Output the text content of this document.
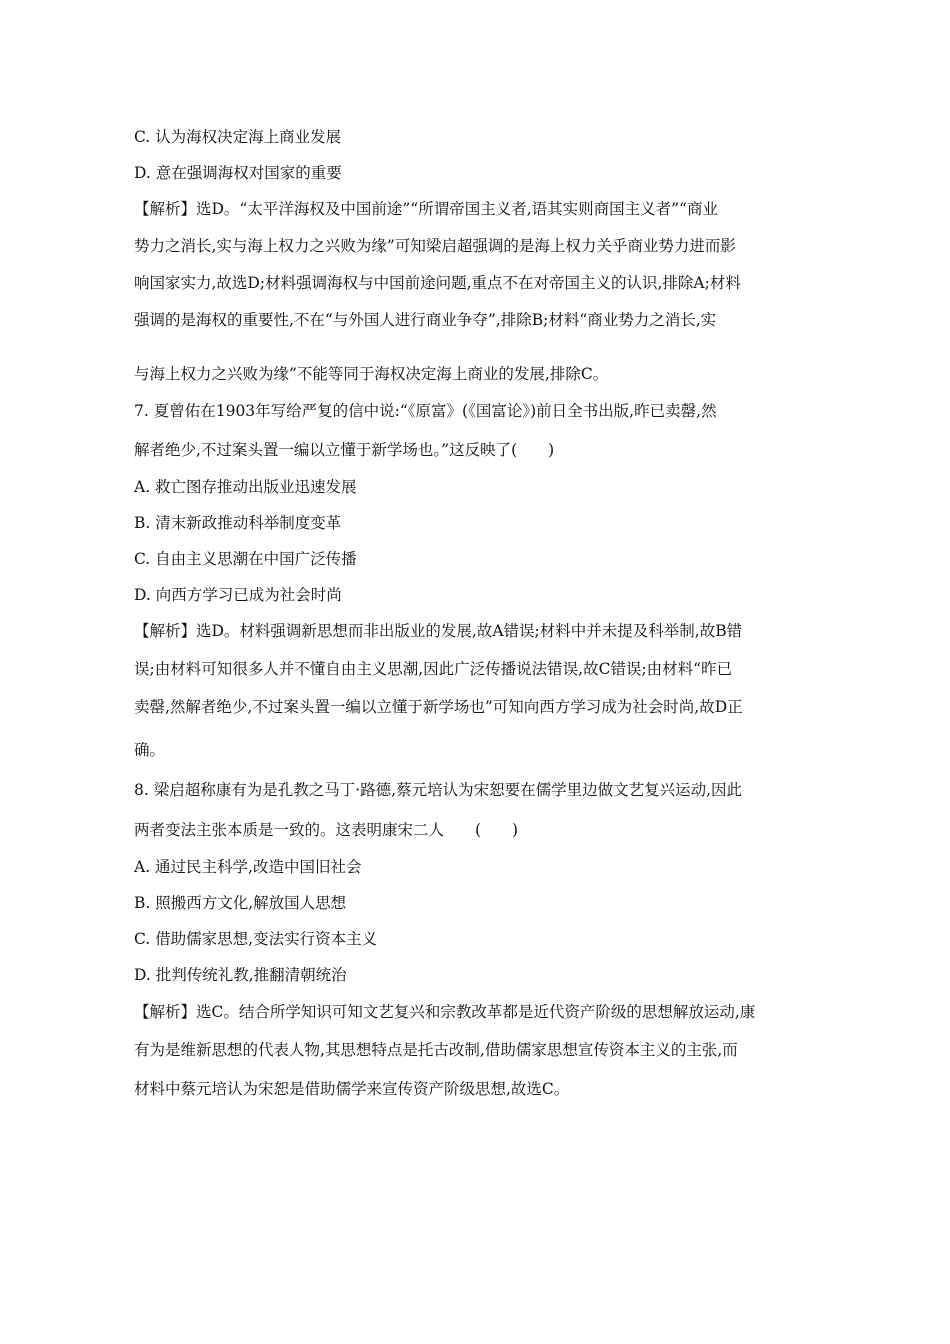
C. 认为海权决定海上商业发展
D. 意在强调海权对国家的重要
【解析】选D。“太平洋海权及中国前途”“所谓帝国主义者,语其实则商国主义者”“商业
势力之消长,实与海上权力之兴败为缘”可知梁启超强调的是海上权力关乎商业势力进而影
响国家实力,故选D;材料强调海权与中国前途问题,重点不在对帝国主义的认识,排除A;材料
强调的是海权的重要性,不在“与外国人进行商业争夺”,排除B;材料“商业势力之消长,实
与海上权力之兴败为缘”不能等同于海权决定海上商业的发展,排除C。
7. 夏曾佑在1903年写给严复的信中说:“《原富》(《国富论》)前日全书出版,昨已卖罄,然
解者绝少,不过案头置一编以立懂于新学场也。”这反映了(　　)
A. 救亡图存推动出版业迅速发展
B. 清末新政推动科举制度变革
C. 自由主义思潮在中国广泛传播
D. 向西方学习已成为社会时尚
【解析】选D。材料强调新思想而非出版业的发展,故A错误;材料中并未提及科举制,故B错
误;由材料可知很多人并不懂自由主义思潮,因此广泛传播说法错误,故C错误;由材料“昨已
卖罄,然解者绝少,不过案头置一编以立懂于新学场也”可知向西方学习成为社会时尚,故D正
确。
8. 梁启超称康有为是孔教之马丁·路德,蔡元培认为宋恕要在儒学里边做文艺复兴运动,因此
两者变法主张本质是一致的。这表明康宋二人　　(　　)
A. 通过民主科学,改造中国旧社会
B. 照搬西方文化,解放国人思想
C. 借助儒家思想,变法实行资本主义
D. 批判传统礼教,推翻清朝统治
【解析】选C。结合所学知识可知文艺复兴和宗教改革都是近代资产阶级的思想解放运动,康
有为是维新思想的代表人物,其思想特点是托古改制,借助儒家思想宣传资本主义的主张,而
材料中蔡元培认为宋恕是借助儒学来宣传资产阶级思想,故选C。
